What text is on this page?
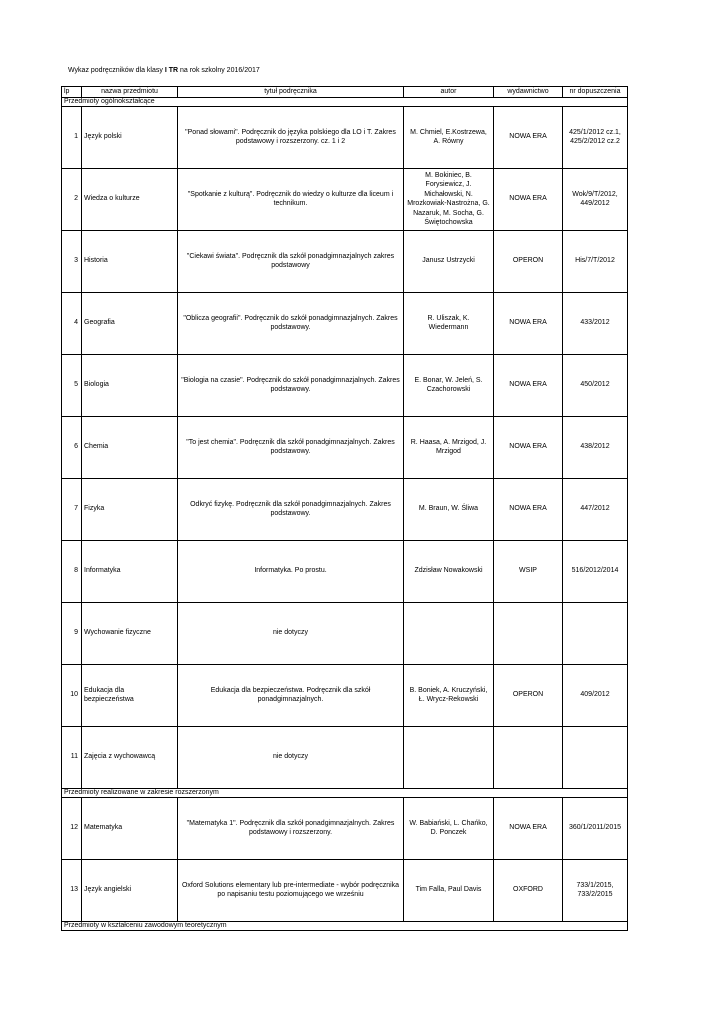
Wykaz podręczników dla klasy I TR na rok szkolny 2016/2017
lp	nazwa przedmiotu	tytuł podręcznika	autor	wydawnictwo	nr dopuszczenia
Przedmioty ogólnokształcące					
1	Język polski	"Ponad słowami". Podręcznik do języka polskiego dla LO i T. Zakres podstawowy i rozszerzony. cz. 1 i 2	M. Chmiel, E.Kostrzewa, A. Równy	NOWA ERA	425/1/2012 cz.1, 425/2/2012 cz.2
2	Wiedza o kulturze	"Spotkanie z kulturą". Podręcznik do wiedzy o kulturze dla liceum i technikum.	M. Bokiniec, B. Forysiewicz, J. Michałowski, N. Mrozkowiak-Nastrożna, G. Nazaruk, M. Socha, G. Świętochowska	NOWA ERA	Wok/9/T/2012, 449/2012
3	Historia	"Ciekawi świata". Podręcznik dla szkół ponadgimnazjalnych zakres podstawowy	Janusz Ustrzycki	OPERON	His/7/T/2012
4	Geografia	"Oblicza geografii". Podręcznik do szkół ponadgimnazjalnych. Zakres podstawowy.	R. Uliszak, K. Wiedermann	NOWA ERA	433/2012
5	Biologia	"Biologia na czasie". Podręcznik do szkół ponadgimnazjalnych. Zakres podstawowy.	E. Bonar, W. Jeleń, S. Czachorowski	NOWA ERA	450/2012
6	Chemia	"To jest chemia". Podręcznik dla szkół ponadgimnazjalnych. Zakres podstawowy.	R. Haasa, A. Mrzigod, J. Mrzigod	NOWA ERA	438/2012
7	Fizyka	Odkryć fizykę. Podręcznik dla szkół ponadgimnazjalnych. Zakres podstawowy.	M. Braun, W. Śliwa	NOWA ERA	447/2012
8	Informatyka	Informatyka. Po prostu.	Zdzisław Nowakowski	WSIP	516/2012/2014
9	Wychowanie fizyczne	nie dotyczy			
10	Edukacja dla bezpieczeństwa	Edukacja dla bezpieczeństwa. Podręcznik dla szkół ponadgimnazjalnych.	B. Boniek, A. Kruczyński, Ł. Wrycz-Rekowski	OPERON	409/2012
11	Zajęcia z wychowawcą	nie dotyczy			
Przedmioty realizowane w zakresie rozszerzonym					
12	Matematyka	"Matematyka 1". Podręcznik dla szkół ponadgimnazjalnych. Zakres podstawowy i rozszerzony.	W. Babiański, L. Chańko, D. Ponczek	NOWA ERA	360/1/2011/2015
13	Język angielski	Oxford Solutions elementary lub pre-intermediate - wybór podręcznika po napisaniu testu poziomującego we wrześniu	Tim Falla, Paul Davis	OXFORD	733/1/2015, 733/2/2015
Przedmioty w kształceniu zawodowym teoretycznym					
